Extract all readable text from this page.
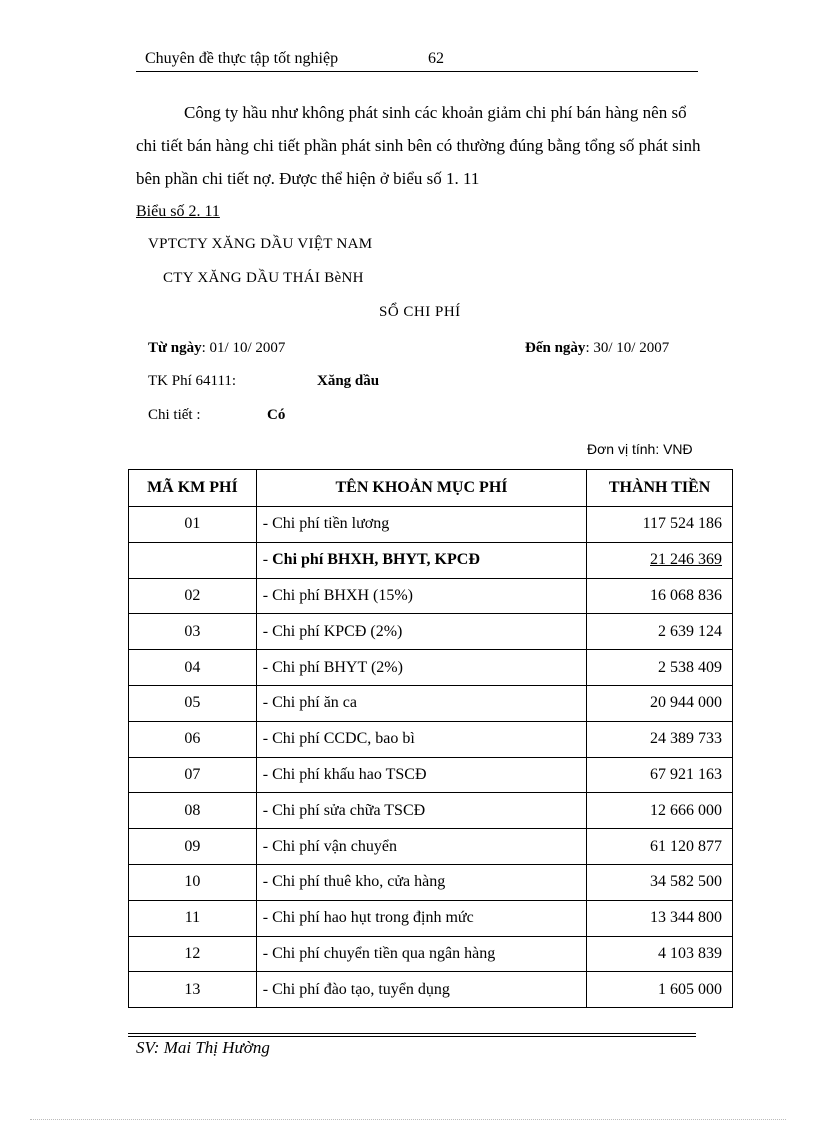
Chuyên đề thực tập tốt nghiệp	62
Công ty hầu như không phát sinh các khoản giảm chi phí bán hàng nên sổ chi tiết bán hàng chi tiết phần phát sinh bên có thường đúng bằng tổng số phát sinh bên phần chi tiết nợ. Được thể hiện ở biểu số 1. 11
Biểu số 2. 11
VPTCTY XĂNG DẦU VIỆT NAM
CTY XĂNG DẦU THÁI BèNH
SỔ CHI PHÍ
Từ ngày: 01/ 10/ 2007	Đến ngày: 30/ 10/ 2007
TK Phí 64111:	Xăng dầu
Chi tiết :	Có
Đơn vị tính: VNĐ
MÃ KM PHÍ	TÊN KHOẢN MỤC PHÍ	THÀNH TIỀN
01	- Chi phí tiền lương	117 524 186
	- Chi phí BHXH, BHYT, KPCĐ	21 246 369
02	- Chi phí BHXH (15%)	16 068 836
03	- Chi phí KPCĐ (2%)	2 639 124
04	- Chi phí BHYT (2%)	2 538 409
05	- Chi phí ăn ca	20 944 000
06	- Chi phí CCDC, bao bì	24 389 733
07	- Chi phí khấu hao TSCĐ	67 921 163
08	- Chi phí sửa chữa TSCĐ	12 666 000
09	- Chi phí vận chuyển	61 120 877
10	- Chi phí thuê kho, cửa hàng	34 582 500
11	- Chi phí hao hụt trong định mức	13 344 800
12	- Chi phí chuyển tiền qua ngân hàng	4 103 839
13	- Chi phí đào tạo, tuyển dụng	1 605 000
SV: Mai Thị Hường
